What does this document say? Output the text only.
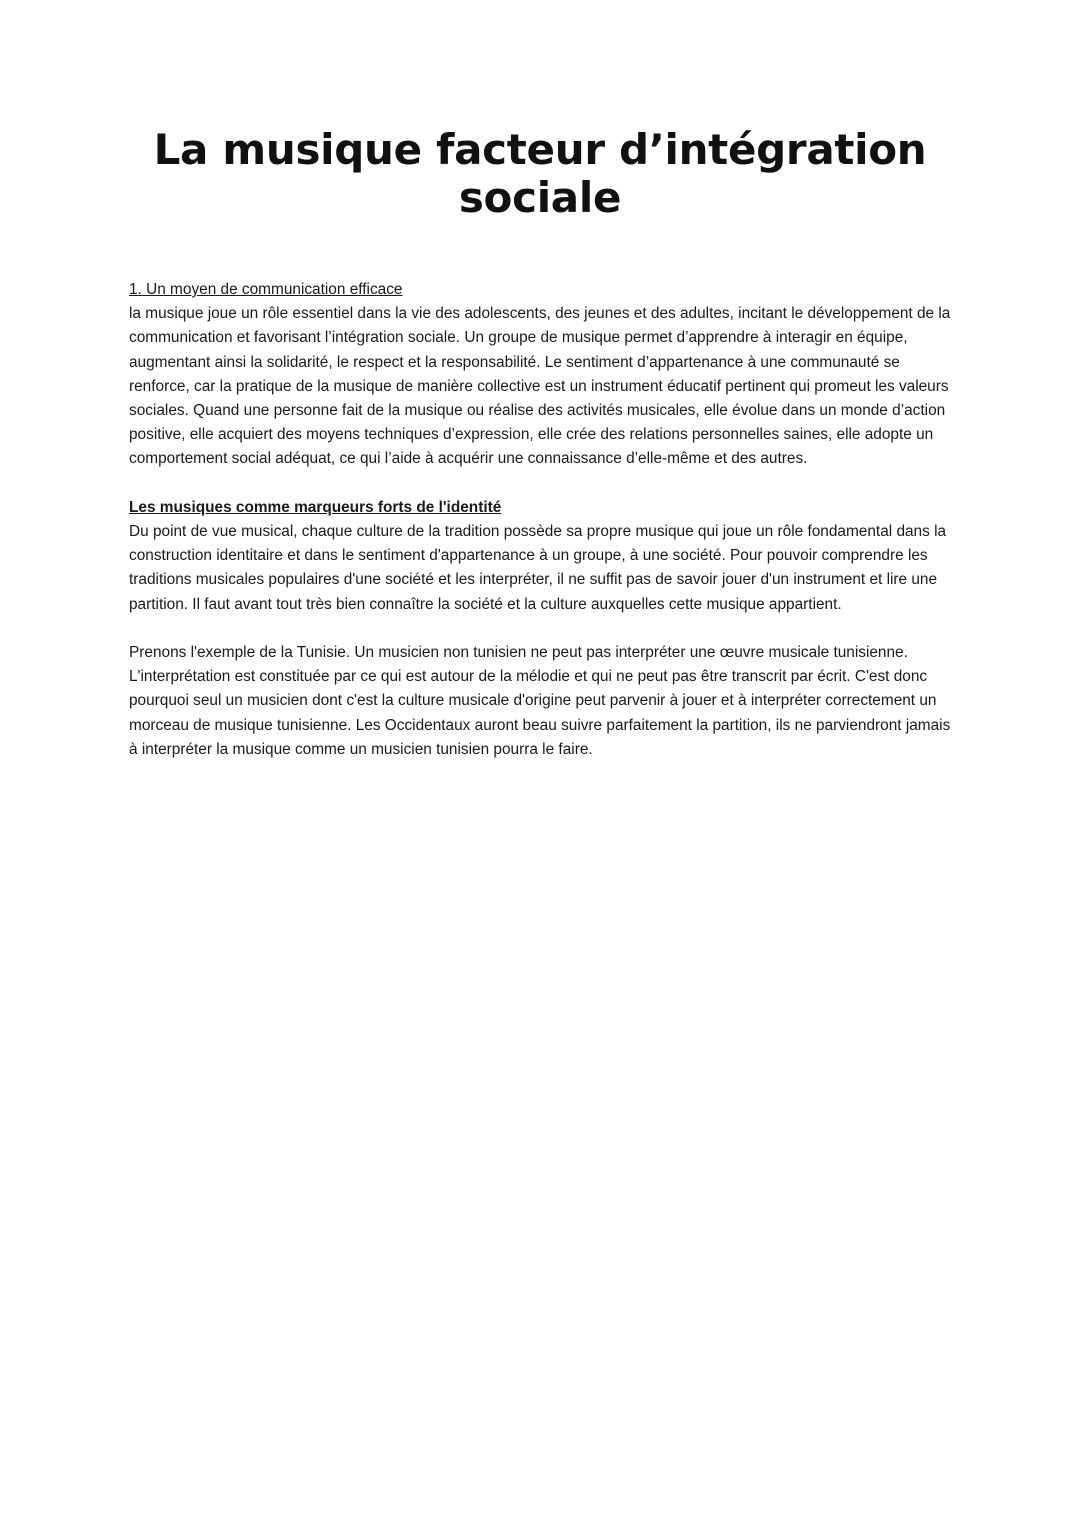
La musique facteur d’intégration sociale

1. Un moyen de communication efficace

la musique joue un rôle essentiel dans la vie des adolescents, des jeunes et des adultes, incitant le développement de la communication et favorisant l’intégration sociale. Un groupe de musique permet d’apprendre à interagir en équipe, augmentant ainsi la solidarité, le respect et la responsabilité. Le sentiment d’appartenance à une communauté se renforce, car la pratique de la musique de manière collective est un instrument éducatif pertinent qui promeut les valeurs sociales. Quand une personne fait de la musique ou réalise des activités musicales, elle évolue dans un monde d’action positive, elle acquiert des moyens techniques d’expression, elle crée des relations personnelles saines, elle adopte un comportement social adéquat, ce qui l’aide à acquérir une connaissance d’elle-même et des autres.

Les musiques comme marqueurs forts de l'identité

Du point de vue musical, chaque culture de la tradition possède sa propre musique qui joue un rôle fondamental dans la construction identitaire et dans le sentiment d'appartenance à un groupe, à une société. Pour pouvoir comprendre les traditions musicales populaires d'une société et les interpréter, il ne suffit pas de savoir jouer d'un instrument et lire une partition. Il faut avant tout très bien connaître la société et la culture auxquelles cette musique appartient.

Prenons l'exemple de la Tunisie. Un musicien non tunisien ne peut pas interpréter une œuvre musicale tunisienne. L'interprétation est constituée par ce qui est autour de la mélodie et qui ne peut pas être transcrit par écrit. C'est donc pourquoi seul un musicien dont c'est la culture musicale d'origine peut parvenir à jouer et à interpréter correctement un morceau de musique tunisienne. Les Occidentaux auront beau suivre parfaitement la partition, ils ne parviendront jamais à interpréter la musique comme un musicien tunisien pourra le faire.
